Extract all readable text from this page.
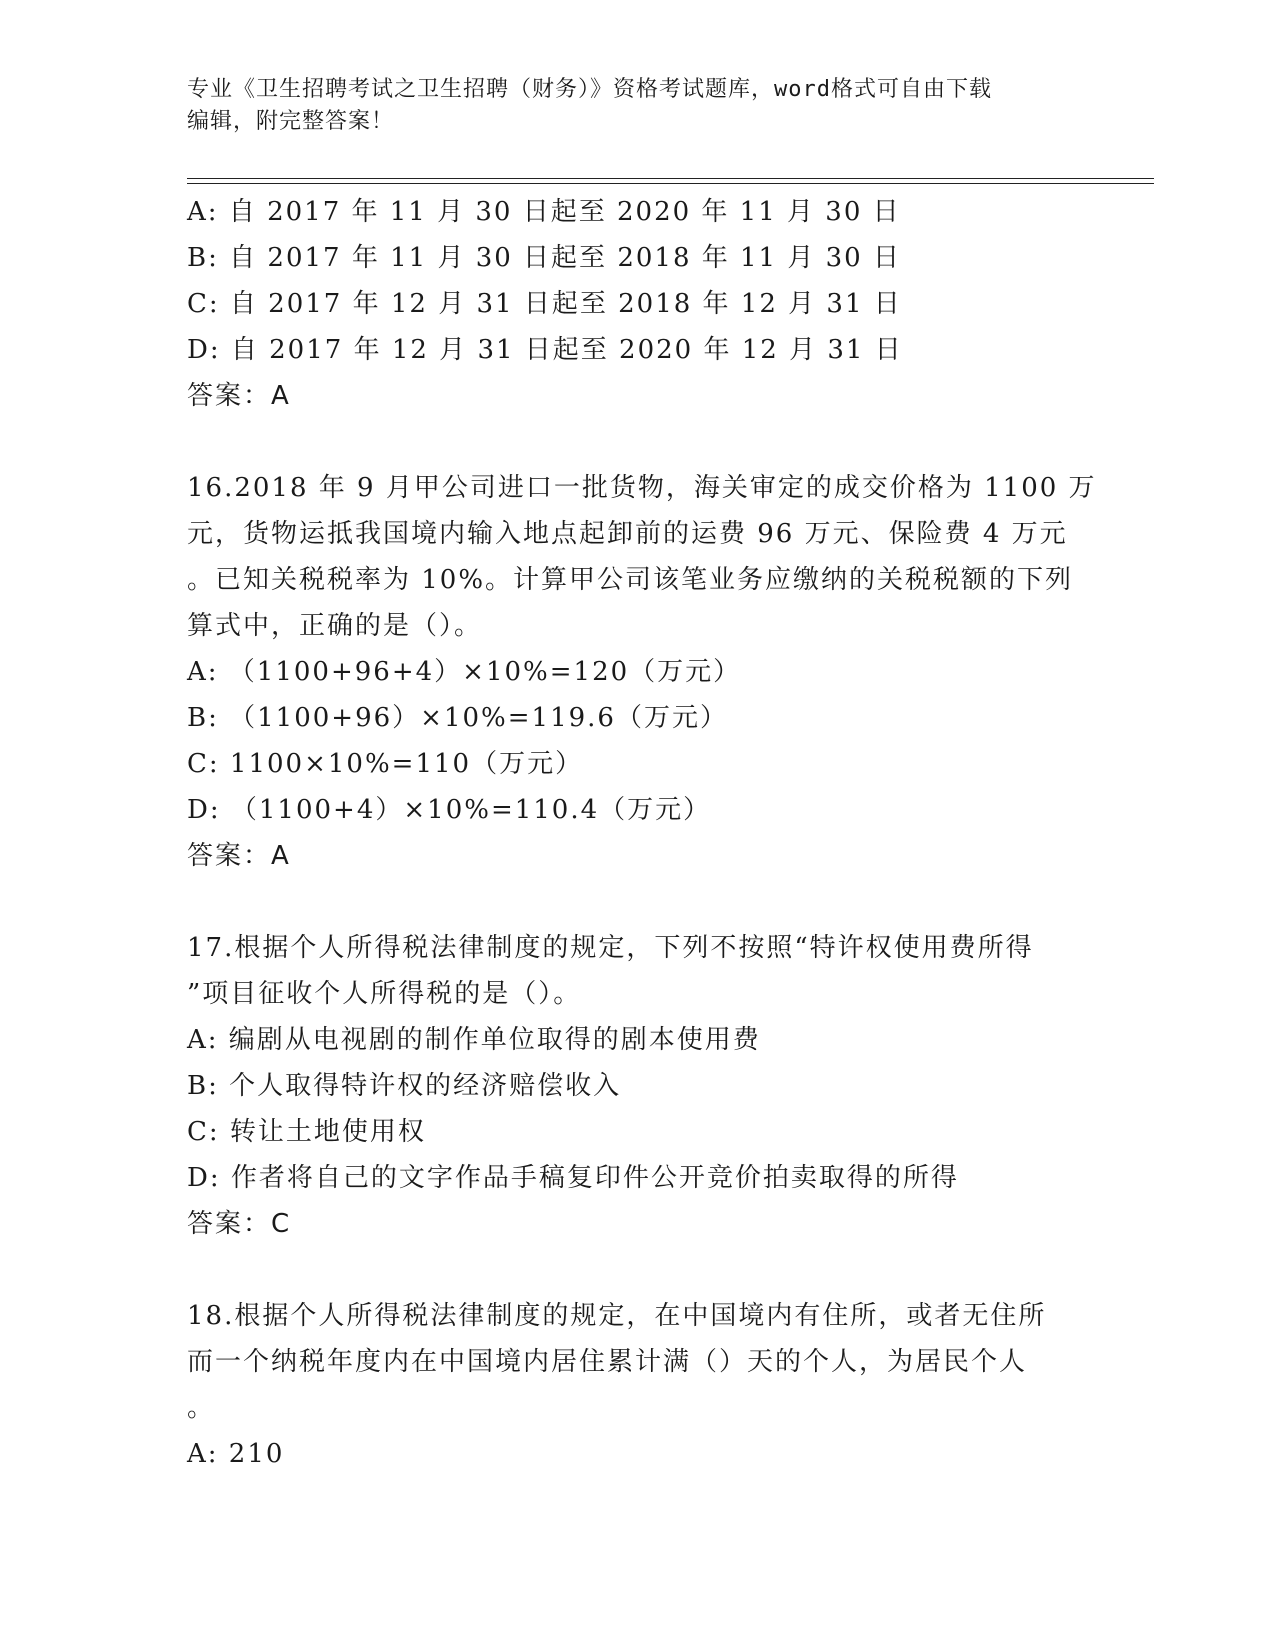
专业《卫生招聘考试之卫生招聘（财务）》资格考试题库，word格式可自由下载
编辑，附完整答案！
A: 自 2017 年 11 月 30 日起至 2020 年 11 月 30 日
B: 自 2017 年 11 月 30 日起至 2018 年 11 月 30 日
C: 自 2017 年 12 月 31 日起至 2018 年 12 月 31 日
D: 自 2017 年 12 月 31 日起至 2020 年 12 月 31 日
答案：A
16.2018 年 9 月甲公司进口一批货物，海关审定的成交价格为 1100 万
元，货物运抵我国境内输入地点起卸前的运费 96 万元、保险费 4 万元
。已知关税税率为 10%。计算甲公司该笔业务应缴纳的关税税额的下列
算式中，正确的是（）。
A: （1100+96+4）×10%=120（万元）
B: （1100+96）×10%=119.6（万元）
C: 1100×10%=110（万元）
D: （1100+4）×10%=110.4（万元）
答案：A
17.根据个人所得税法律制度的规定，下列不按照“特许权使用费所得
”项目征收个人所得税的是（）。
A: 编剧从电视剧的制作单位取得的剧本使用费
B: 个人取得特许权的经济赔偿收入
C: 转让土地使用权
D: 作者将自己的文字作品手稿复印件公开竞价拍卖取得的所得
答案：C
18.根据个人所得税法律制度的规定，在中国境内有住所，或者无住所
而一个纳税年度内在中国境内居住累计满（）天的个人，为居民个人
。
A: 210
